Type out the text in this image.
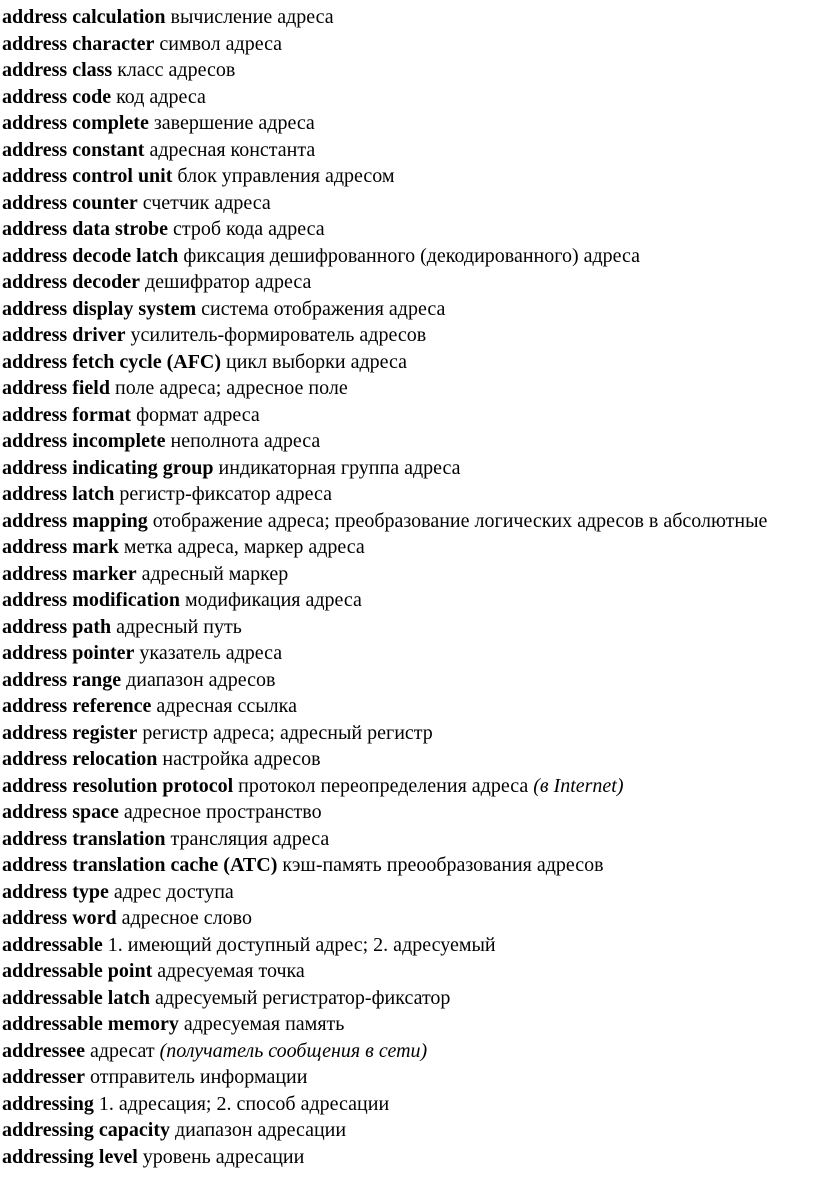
address calculation вычисление адреса
address character символ адреса
address class класс адресов
address code код адреса
address complete завершение адреса
address constant адресная константа
address control unit блок управления адресом
address counter счетчик адреса
address data strobe строб кода адреса
address decode latch фиксация дешифрованного (декодированного) адреса
address decoder дешифратор адреса
address display system система отображения адреса
address driver усилитель-формирователь адресов
address fetch cycle (AFC) цикл выборки адреса
address field поле адреса; адресное поле
address format формат адреса
address incomplete неполнота адреса
address indicating group индикаторная группа адреса
address latch регистр-фиксатор адреса
address mapping отображение адреса; преобразование логических адресов в абсолютные
address mark метка адреса, маркер адреса
address marker адресный маркер
address modification модификация адреса
address path адресный путь
address pointer указатель адреса
address range диапазон адресов
address reference адресная ссылка
address register регистр адреса; адресный регистр
address relocation настройка адресов
address resolution protocol протокол переопределения адреса (в Internet)
address space адресное пространство
address translation трансляция адреса
address translation cache (ATC) кэш-память преообразования адресов
address type адрес доступа
address word адресное слово
addressable 1. имеющий доступный адрес; 2. адресуемый
addressable point адресуемая точка
addressable latch адресуемый регистратор-фиксатор
addressable memory адресуемая память
addressee адресат (получатель сообщения в сети)
addresser отправитель информации
addressing 1. адресация; 2. способ адресации
addressing capacity диапазон адресации
addressing level уровень адресации
